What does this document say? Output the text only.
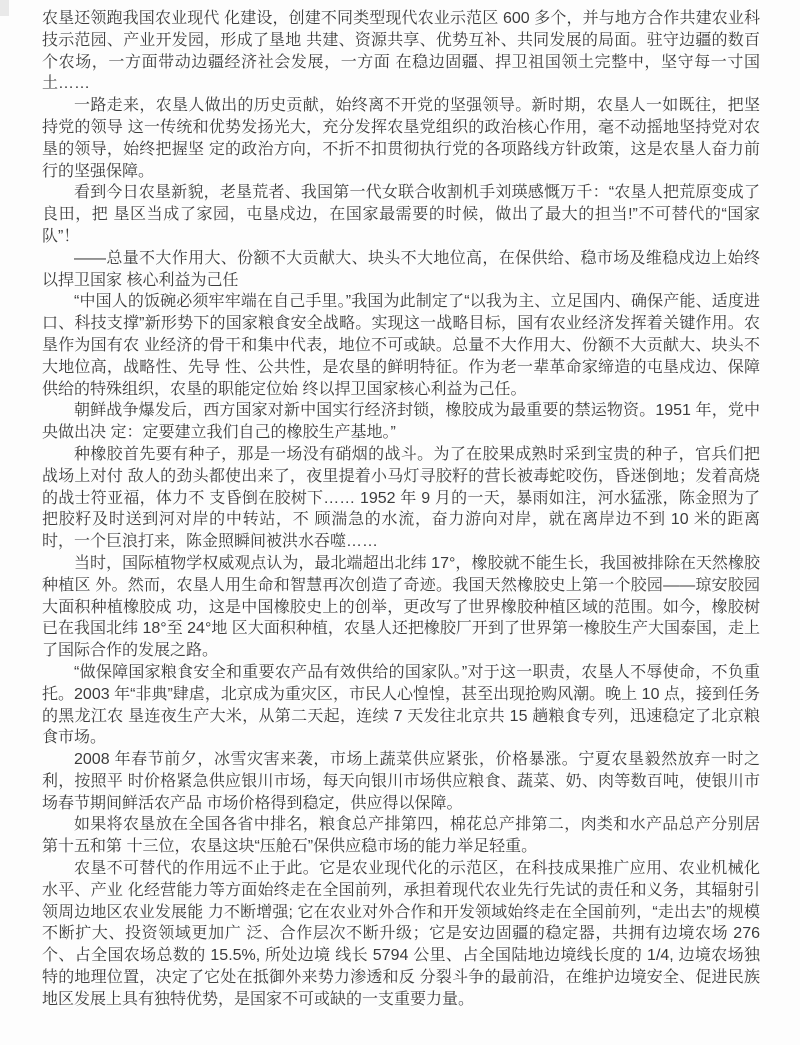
农垦还领跑我国农业现代 化建设，创建不同类型现代农业示范区 600 多个，并与地方合作共建农业科技示范园、产业开发园，形成了垦地 共建、资源共享、优势互补、共同发展的局面。驻守边疆的数百个农场，一方面带动边疆经济社会发展，一方面 在稳边固疆、捍卫祖国领土完整中，坚守每一寸国土……

一路走来，农垦人做出的历史贡献，始终离不开党的坚强领导。新时期，农垦人一如既往，把坚持党的领导 这一传统和优势发扬光大，充分发挥农垦党组织的政治核心作用，毫不动摇地坚持党对农垦的领导，始终把握坚 定的政治方向，不折不扣贯彻执行党的各项路线方针政策，这是农垦人奋力前行的坚强保障。

看到今日农垦新貌，老垦荒者、我国第一代女联合收割机手刘瑛感慨万千：“农垦人把荒原变成了良田，把 垦区当成了家园，屯垦戍边，在国家最需要的时候，做出了最大的担当!”不可替代的“国家队”！

——总量不大作用大、份额不大贡献大、块头不大地位高，在保供给、稳市场及维稳戍边上始终以捍卫国家 核心利益为己任

“中国人的饭碗必须牢牢端在自己手里。”我国为此制定了“以我为主、立足国内、确保产能、适度进口、科技支撑”新形势下的国家粮食安全战略。实现这一战略目标，国有农业经济发挥着关键作用。农垦作为国有农 业经济的骨干和集中代表，地位不可或缺。总量不大作用大、份额不大贡献大、块头不大地位高，战略性、先导 性、公共性，是农垦的鲜明特征。作为老一辈革命家缔造的屯垦戍边、保障供给的特殊组织，农垦的职能定位始 终以捍卫国家核心利益为己任。

朝鲜战争爆发后，西方国家对新中国实行经济封锁，橡胶成为最重要的禁运物资。1951 年，党中央做出决 定：定要建立我们自己的橡胶生产基地。”

种橡胶首先要有种子，那是一场没有硝烟的战斗。为了在胶果成熟时采到宝贵的种子，官兵们把战场上对付 敌人的劲头都使出来了，夜里提着小马灯寻胶籽的营长被毒蛇咬伤，昏迷倒地；发着高烧的战士符亚福，体力不 支昏倒在胶树下…… 1952 年 9 月的一天，暴雨如注，河水猛涨，陈金照为了把胶籽及时送到河对岸的中转站，不 顾湍急的水流，奋力游向对岸，就在离岸边不到 10 米的距离时，一个巨浪打来，陈金照瞬间被洪水吞噬……

当时，国际植物学权威观点认为，最北端超出北纬 17°，橡胶就不能生长，我国被排除在天然橡胶种植区 外。然而，农垦人用生命和智慧再次创造了奇迹。我国天然橡胶史上第一个胶园——琼安胶园大面积种植橡胶成 功，这是中国橡胶史上的创举，更改写了世界橡胶种植区域的范围。如今，橡胶树已在我国北纬 18°至 24°地 区大面积种植，农垦人还把橡胶厂开到了世界第一橡胶生产大国泰国，走上了国际合作的发展之路。

“做保障国家粮食安全和重要农产品有效供给的国家队。”对于这一职责，农垦人不辱使命，不负重托。2003 年“非典”肆虐，北京成为重灾区，市民人心惶惶，甚至出现抢购风潮。晚上 10 点，接到任务的黑龙江农 垦连夜生产大米，从第二天起，连续 7 天发往北京共 15 趟粮食专列，迅速稳定了北京粮食市场。

2008 年春节前夕，冰雪灾害来袭，市场上蔬菜供应紧张，价格暴涨。宁夏农垦毅然放弃一时之利，按照平 时价格紧急供应银川市场，每天向银川市场供应粮食、蔬菜、奶、肉等数百吨，使银川市场春节期间鲜活农产品 市场价格得到稳定，供应得以保障。

如果将农垦放在全国各省中排名，粮食总产排第四，棉花总产排第二，肉类和水产品总产分别居第十五和第 十三位，农垦这块“压舱石”保供应稳市场的能力举足轻重。

农垦不可替代的作用远不止于此。它是农业现代化的示范区，在科技成果推广应用、农业机械化水平、产业 化经营能力等方面始终走在全国前列，承担着现代农业先行先试的责任和义务，其辐射引领周边地区农业发展能 力不断增强; 它在农业对外合作和开发领域始终走在全国前列，“走出去”的规模不断扩大、投资领域更加广 泛、合作层次不断升级；它是安边固疆的稳定器，共拥有边境农场 276 个、占全国农场总数的 15.5%, 所处边境 线长 5794 公里、占全国陆地边境线长度的 1/4, 边境农场独特的地理位置，决定了它处在抵御外来势力渗透和反 分裂斗争的最前沿，在维护边境安全、促进民族地区发展上具有独特优势，是国家不可或缺的一支重要力量。
